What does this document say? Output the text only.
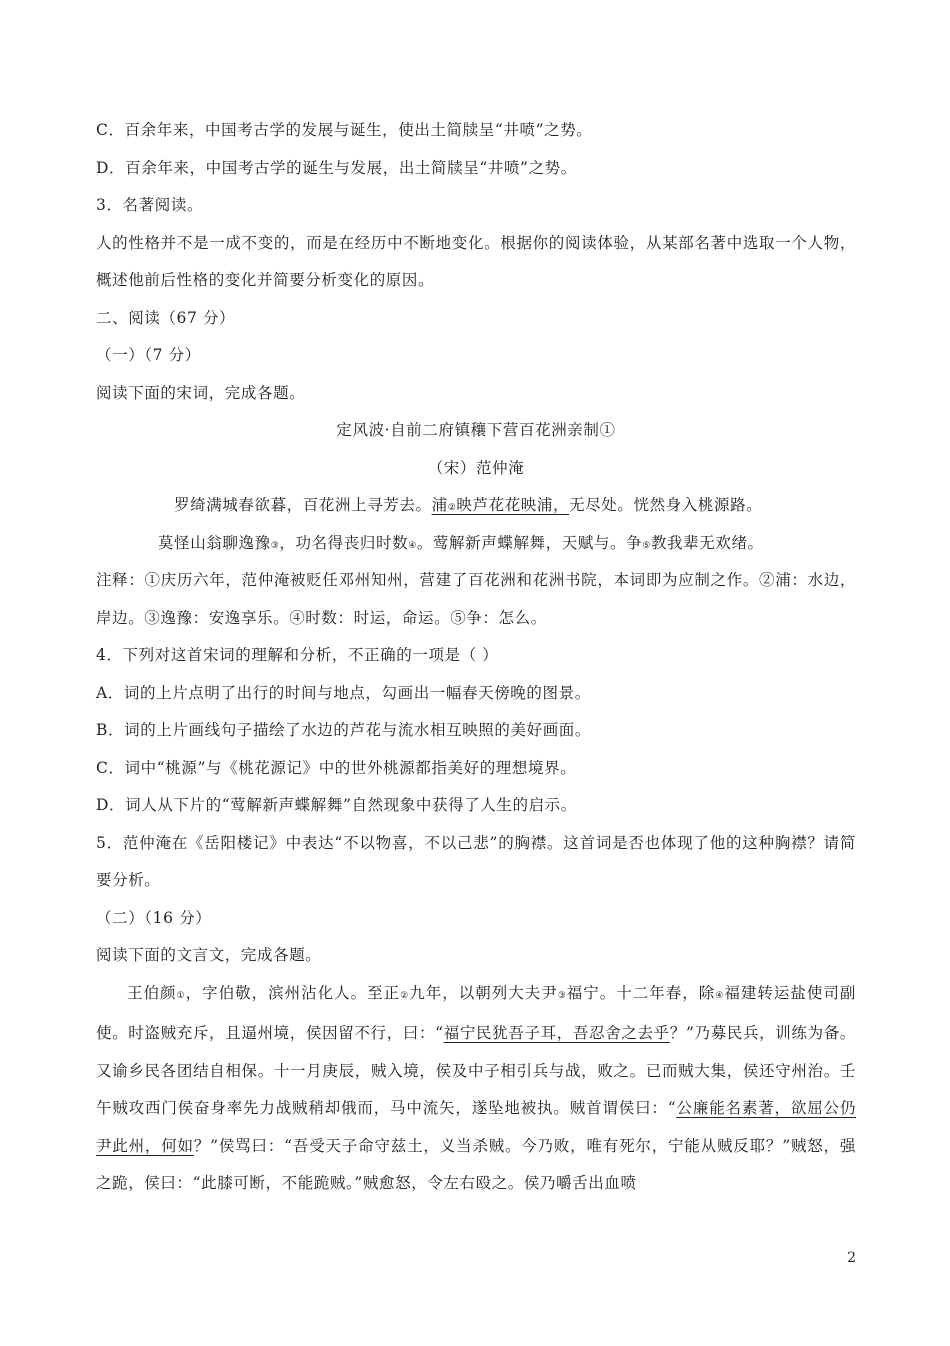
C．百余年来，中国考古学的发展与诞生，使出土简牍呈“井喷”之势。
D．百余年来，中国考古学的诞生与发展，出土简牍呈“井喷”之势。
3．名著阅读。
人的性格并不是一成不变的，而是在经历中不断地变化。根据你的阅读体验，从某部名著中选取一个人物，概述他前后性格的变化并简要分析变化的原因。
二、阅读（67 分）
（一）（7 分）
阅读下面的宋词，完成各题。
定风波·自前二府镇穰下营百花洲亲制①
（宋）范仲淹
罗绮满城春欲暮，百花洲上寻芳去。浦②映芦花花映浦，无尽处。恍然身入桃源路。
莫怪山翁聊逸豫③，功名得丧归时数④。莺解新声蝶解舞，天赋与。争⑤教我辈无欢绪。
注释：①庆历六年，范仲淹被贬任邓州知州，营建了百花洲和花洲书院，本词即为应制之作。②浦：水边，岸边。③逸豫：安逸享乐。④时数：时运，命运。⑤争：怎么。
4．下列对这首宋词的理解和分析，不正确的一项是（ ）
A．词的上片点明了出行的时间与地点，勾画出一幅春天傍晚的图景。
B．词的上片画线句子描绘了水边的芦花与流水相互映照的美好画面。
C．词中“桃源”与《桃花源记》中的世外桃源都指美好的理想境界。
D．词人从下片的“莺解新声蝶解舞”自然现象中获得了人生的启示。
5．范仲淹在《岳阳楼记》中表达“不以物喜，不以己悲”的胸襟。这首词是否也体现了他的这种胸襟？请简要分析。
（二）（16 分）
阅读下面的文言文，完成各题。
王伯颜①，字伯敬，滨州沾化人。至正②九年，以朝列大夫尹③福宁。十二年春，除④福建转运盐使司副使。时盗贼充斥，且逼州境，侯因留不行，曰：“福宁民犹吾子耳，吾忍舍之去乎？”乃募民兵，训练为备。又谕乡民各团结自相保。十一月庚辰，贼入境，侯及中子相引兵与战，败之。已而贼大集，侯还守州治。壬午贼攻西门侯奋身率先力战贼稍却俄而，马中流矢，遂坠地被执。贼首谓侯曰：“公廉能名素著，欲屈公仍尹此州，何如？”侯骂曰：“吾受天子命守兹土，义当杀贼。今乃败，唯有死尔，宁能从贼反耶？”贼怒，强之跪，侯曰：“此膝可断，不能跪贼。”贼愈怒，令左右殴之。侯乃嚼舌出血喷
2
